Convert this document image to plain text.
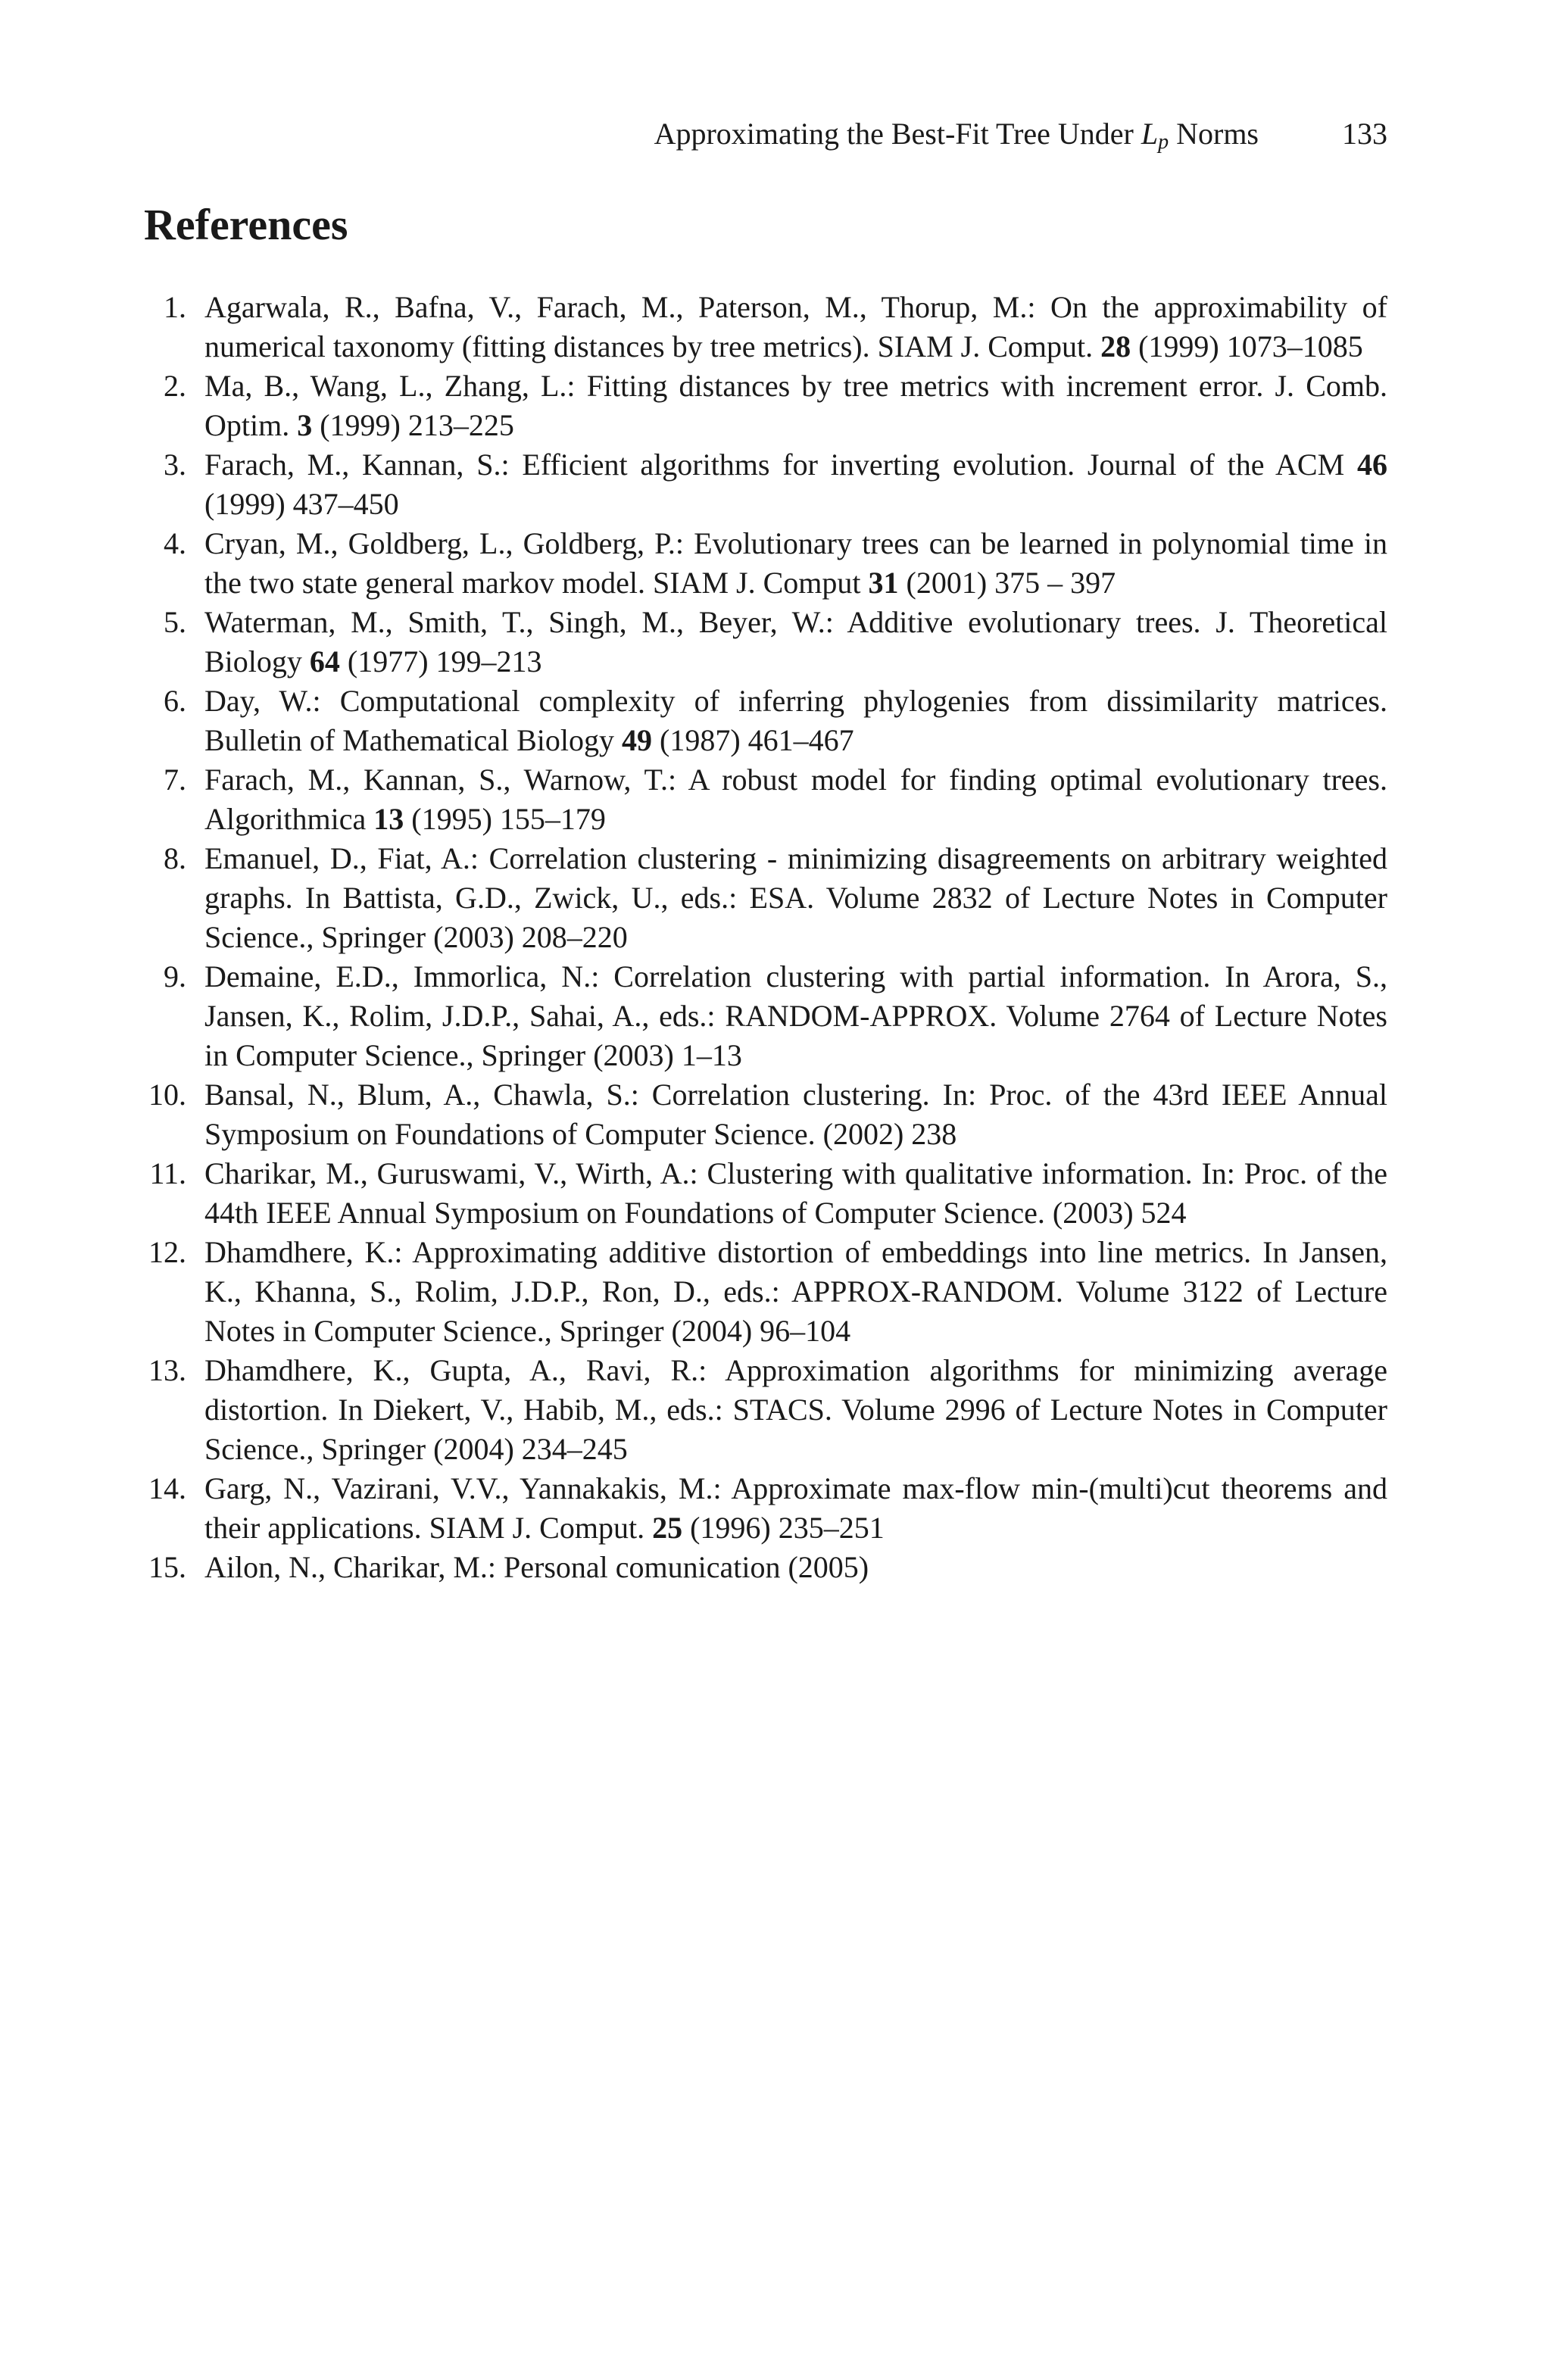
Approximating the Best-Fit Tree Under $L_p$ Norms	133
References
1. Agarwala, R., Bafna, V., Farach, M., Paterson, M., Thorup, M.: On the approximability of numerical taxonomy (fitting distances by tree metrics). SIAM J. Comput. 28 (1999) 1073–1085
2. Ma, B., Wang, L., Zhang, L.: Fitting distances by tree metrics with increment error. J. Comb. Optim. 3 (1999) 213–225
3. Farach, M., Kannan, S.: Efficient algorithms for inverting evolution. Journal of the ACM 46 (1999) 437–450
4. Cryan, M., Goldberg, L., Goldberg, P.: Evolutionary trees can be learned in polynomial time in the two state general markov model. SIAM J. Comput 31 (2001) 375 – 397
5. Waterman, M., Smith, T., Singh, M., Beyer, W.: Additive evolutionary trees. J. Theoretical Biology 64 (1977) 199–213
6. Day, W.: Computational complexity of inferring phylogenies from dissimilarity matrices. Bulletin of Mathematical Biology 49 (1987) 461–467
7. Farach, M., Kannan, S., Warnow, T.: A robust model for finding optimal evolutionary trees. Algorithmica 13 (1995) 155–179
8. Emanuel, D., Fiat, A.: Correlation clustering - minimizing disagreements on arbitrary weighted graphs. In Battista, G.D., Zwick, U., eds.: ESA. Volume 2832 of Lecture Notes in Computer Science., Springer (2003) 208–220
9. Demaine, E.D., Immorlica, N.: Correlation clustering with partial information. In Arora, S., Jansen, K., Rolim, J.D.P., Sahai, A., eds.: RANDOM-APPROX. Volume 2764 of Lecture Notes in Computer Science., Springer (2003) 1–13
10. Bansal, N., Blum, A., Chawla, S.: Correlation clustering. In: Proc. of the 43rd IEEE Annual Symposium on Foundations of Computer Science. (2002) 238
11. Charikar, M., Guruswami, V., Wirth, A.: Clustering with qualitative information. In: Proc. of the 44th IEEE Annual Symposium on Foundations of Computer Science. (2003) 524
12. Dhamdhere, K.: Approximating additive distortion of embeddings into line metrics. In Jansen, K., Khanna, S., Rolim, J.D.P., Ron, D., eds.: APPROX-RANDOM. Volume 3122 of Lecture Notes in Computer Science., Springer (2004) 96–104
13. Dhamdhere, K., Gupta, A., Ravi, R.: Approximation algorithms for minimizing average distortion. In Diekert, V., Habib, M., eds.: STACS. Volume 2996 of Lecture Notes in Computer Science., Springer (2004) 234–245
14. Garg, N., Vazirani, V.V., Yannakakis, M.: Approximate max-flow min-(multi)cut theorems and their applications. SIAM J. Comput. 25 (1996) 235–251
15. Ailon, N., Charikar, M.: Personal comunication (2005)
